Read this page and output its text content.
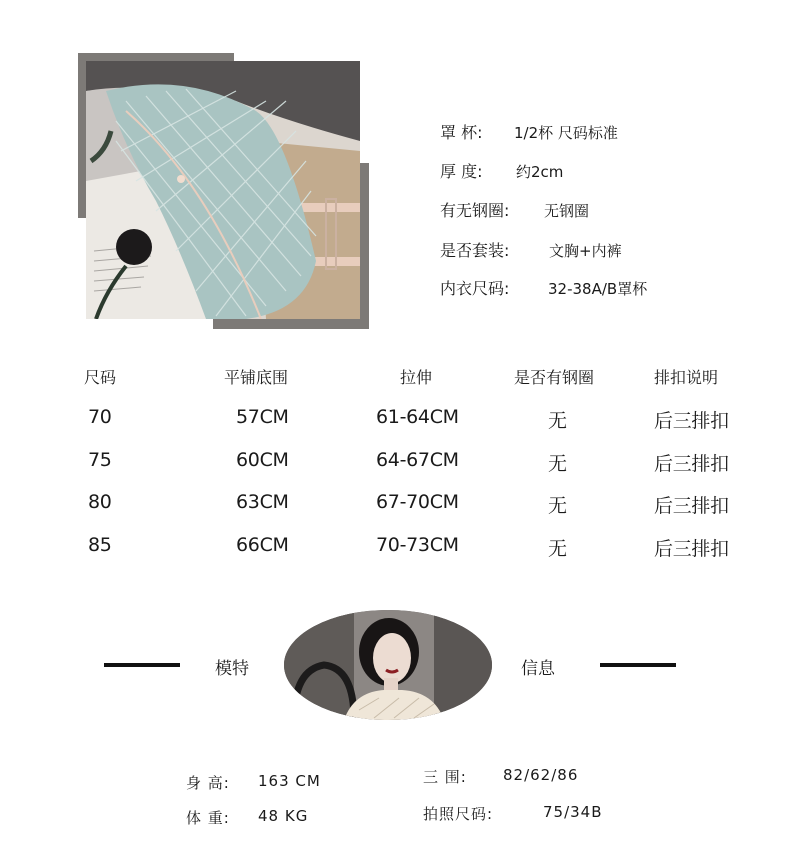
罩 杯: 1/2杯 尺码标准
厚 度: 约2cm
有无钢圈: 无钢圈
是否套装:	文胸+内裤
内衣尺码:	32-38A/B罩杯
尺码	平铺底围	拉伸	是否有钢圈	排扣说明
70	57CM	61-64CM	无	后三排扣
75	60CM	64-67CM	无	后三排扣
80	63CM	67-70CM	无	后三排扣
85	66CM	70-73CM	无	后三排扣
模特	信息
身 高: 163 CM
体 重: 48 KG
三 围: 82/62/86
拍照尺码:	75/34B
